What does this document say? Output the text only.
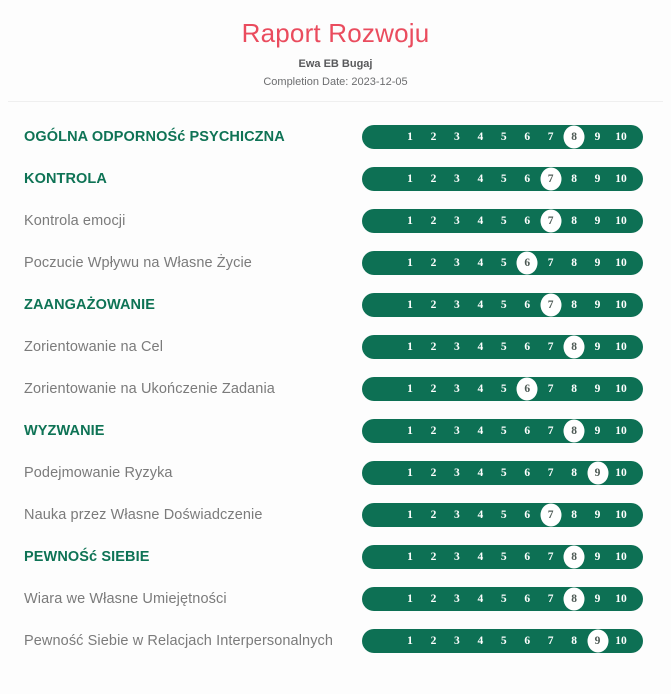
Raport Rozwoju
Ewa EB Bugaj
Completion Date: 2023-12-05
OGÓLNA ODPORNOŚć PSYCHICZNA	1	2	3	4	5	6	7	8	9	10
KONTROLA	1	2	3	4	5	6	7	8	9	10
Kontrola emocji	1	2	3	4	5	6	7	8	9	10
Poczucie Wpływu na Własne Życie	1	2	3	4	5	6	7	8	9	10
ZAANGAŻOWANIE	1	2	3	4	5	6	7	8	9	10
Zorientowanie na Cel	1	2	3	4	5	6	7	8	9	10
Zorientowanie na Ukończenie Zadania	1	2	3	4	5	6	7	8	9	10
WYZWANIE	1	2	3	4	5	6	7	8	9	10
Podejmowanie Ryzyka	1	2	3	4	5	6	7	8	9	10
Nauka przez Własne Doświadczenie	1	2	3	4	5	6	7	8	9	10
PEWNOŚć SIEBIE	1	2	3	4	5	6	7	8	9	10
Wiara we Własne Umiejętności	1	2	3	4	5	6	7	8	9	10
Pewność Siebie w Relacjach Interpersonalnych	1	2	3	4	5	6	7	8	9	10
